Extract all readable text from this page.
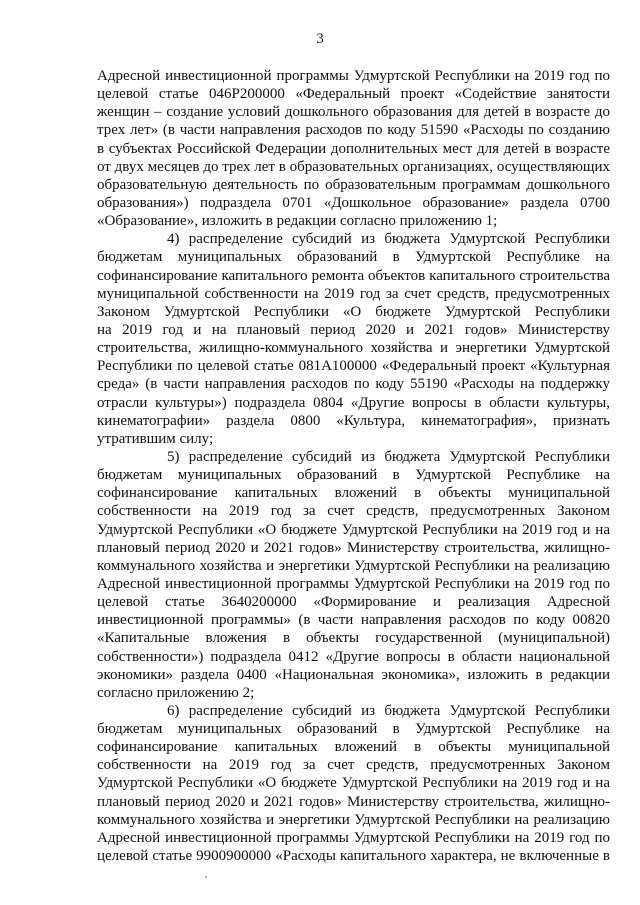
3
Адресной инвестиционной программы Удмуртской Республики на 2019 год по
целевой статье 046P200000 «Федеральный проект «Содействие занятости
женщин – создание условий дошкольного образования для детей в возрасте до
трех лет» (в части направления расходов по коду 51590 «Расходы по созданию
в субъектах Российской Федерации дополнительных мест для детей в возрасте
от двух месяцев до трех лет в образовательных организациях, осуществляющих
образовательную деятельность по образовательным программам дошкольного
образования») подраздела 0701 «Дошкольное образование» раздела 0700
«Образование», изложить в редакции согласно приложению 1;
4) распределение субсидий из бюджета Удмуртской Республики
бюджетам муниципальных образований в Удмуртской Республике на
софинансирование капитального ремонта объектов капитального строительства
муниципальной собственности на 2019 год за счет средств, предусмотренных
Законом Удмуртской Республики «О бюджете Удмуртской Республики
на 2019 год и на плановый период 2020 и 2021 годов» Министерству
строительства, жилищно-коммунального хозяйства и энергетики Удмуртской
Республики по целевой статье 081A100000 «Федеральный проект «Культурная
среда» (в части направления расходов по коду 55190 «Расходы на поддержку
отрасли культуры») подраздела 0804 «Другие вопросы в области культуры,
кинематографии» раздела 0800 «Культура, кинематография», признать
утратившим силу;
5) распределение субсидий из бюджета Удмуртской Республики
бюджетам муниципальных образований в Удмуртской Республике на
софинансирование капитальных вложений в объекты муниципальной
собственности на 2019 год за счет средств, предусмотренных Законом
Удмуртской Республики «О бюджете Удмуртской Республики на 2019 год и на
плановый период 2020 и 2021 годов» Министерству строительства, жилищно-
коммунального хозяйства и энергетики Удмуртской Республики на реализацию
Адресной инвестиционной программы Удмуртской Республики на 2019 год по
целевой статье 3640200000 «Формирование и реализация Адресной
инвестиционной программы» (в части направления расходов по коду 00820
«Капитальные вложения в объекты государственной (муниципальной)
собственности») подраздела 0412 «Другие вопросы в области национальной
экономики» раздела 0400 «Национальная экономика», изложить в редакции
согласно приложению 2;
6) распределение субсидий из бюджета Удмуртской Республики
бюджетам муниципальных образований в Удмуртской Республике на
софинансирование капитальных вложений в объекты муниципальной
собственности на 2019 год за счет средств, предусмотренных Законом
Удмуртской Республики «О бюджете Удмуртской Республики на 2019 год и на
плановый период 2020 и 2021 годов» Министерству строительства, жилищно-
коммунального хозяйства и энергетики Удмуртской Республики на реализацию
Адресной инвестиционной программы Удмуртской Республики на 2019 год по
целевой статье 9900900000 «Расходы капитального характера, не включенные в
